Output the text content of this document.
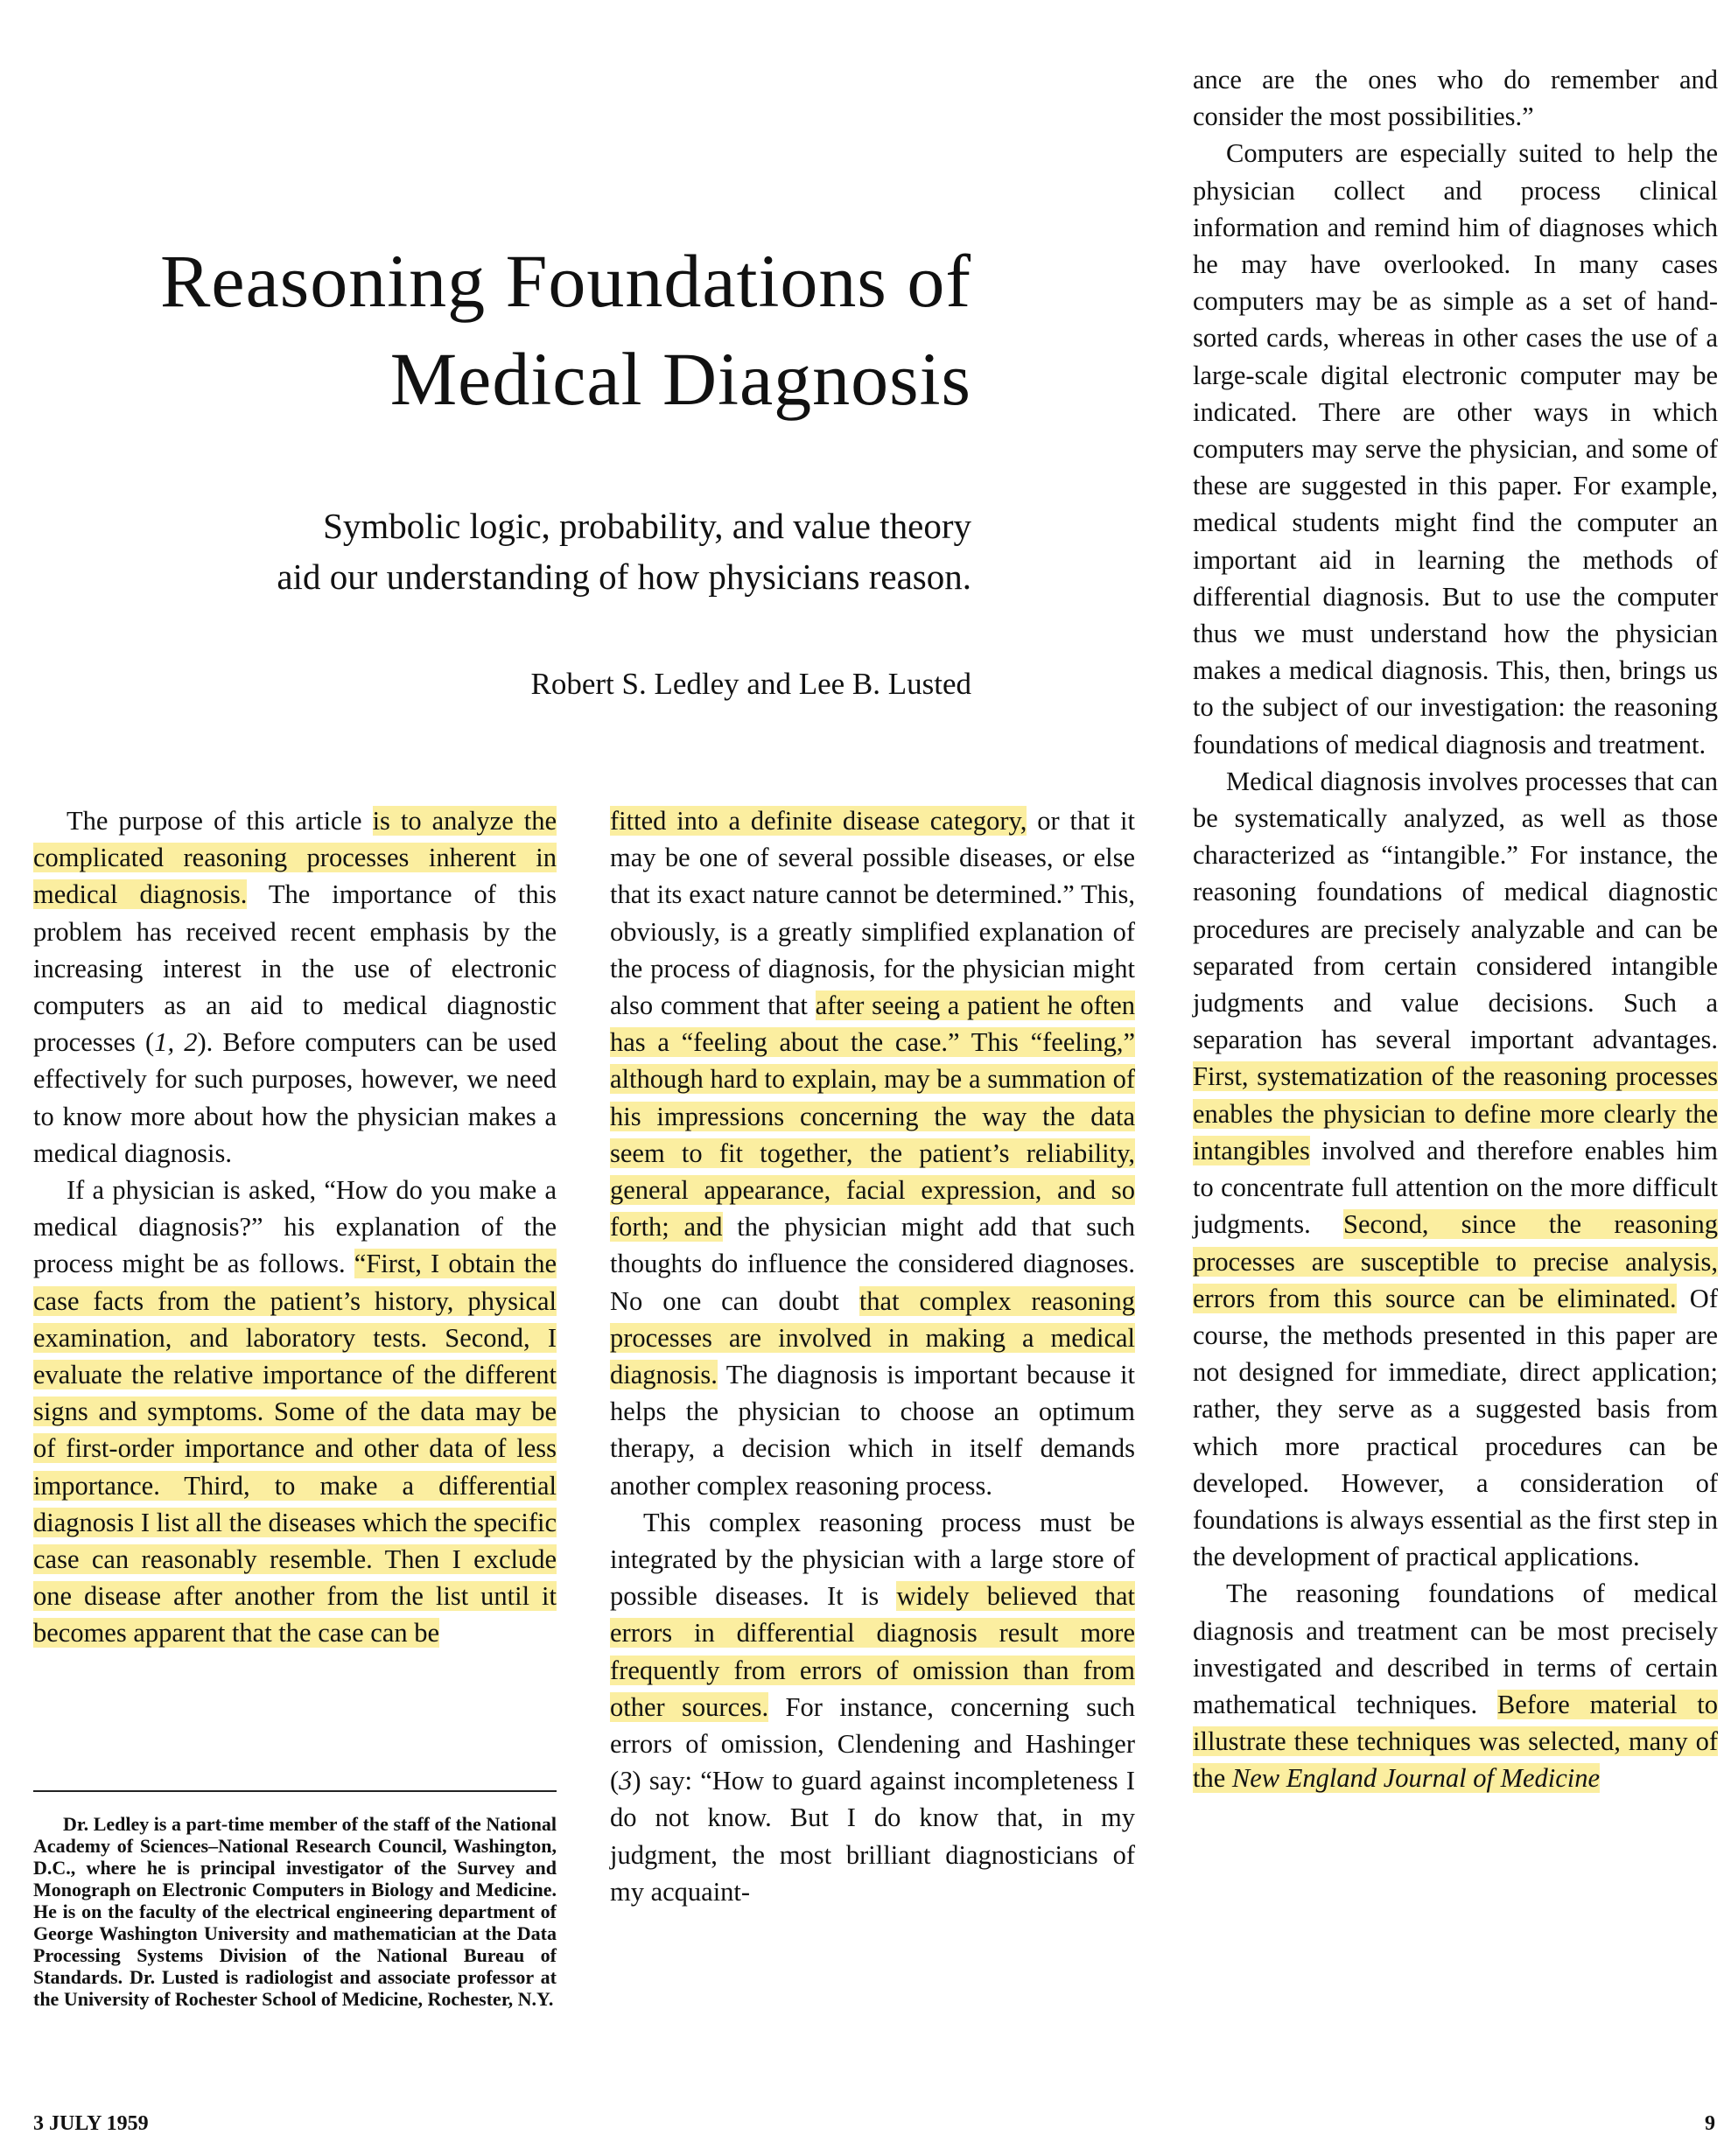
Reasoning Foundations of
Medical Diagnosis
Symbolic logic, probability, and value theory
aid our understanding of how physicians reason.
Robert S. Ledley and Lee B. Lusted

The purpose of this article is to analyze the complicated reasoning processes inherent in medical diagnosis. The importance of this problem has received recent emphasis by the increasing interest in the use of electronic computers as an aid to medical diagnostic processes (1, 2). Before computers can be used effectively for such purposes, however, we need to know more about how the physician makes a medical diagnosis.

If a physician is asked, “How do you make a medical diagnosis?” his explanation of the process might be as follows. “First, I obtain the case facts from the patient’s history, physical examination, and laboratory tests. Second, I evaluate the relative importance of the different signs and symptoms. Some of the data may be of first-order importance and other data of less importance. Third, to make a differential diagnosis I list all the diseases which the specific case can reasonably resemble. Then I exclude one disease after another from the list until it becomes apparent that the case can be

Dr. Ledley is a part-time member of the staff of the National Academy of Sciences–National Research Council, Washington, D.C., where he is principal investigator of the Survey and Monograph on Electronic Computers in Biology and Medicine. He is on the faculty of the electrical engineering department of George Washington University and mathematician at the Data Processing Systems Division of the National Bureau of Standards. Dr. Lusted is radiologist and associate professor at the University of Rochester School of Medicine, Rochester, N.Y.

fitted into a definite disease category, or that it may be one of several possible diseases, or else that its exact nature cannot be determined.” This, obviously, is a greatly simplified explanation of the process of diagnosis, for the physician might also comment that after seeing a patient he often has a “feeling about the case.” This “feeling,” although hard to explain, may be a summation of his impressions concerning the way the data seem to fit together, the patient’s reliability, general appearance, facial expression, and so forth; and the physician might add that such thoughts do influence the considered diagnoses. No one can doubt that complex reasoning processes are involved in making a medical diagnosis. The diagnosis is important because it helps the physician to choose an optimum therapy, a decision which in itself demands another complex reasoning process.

This complex reasoning process must be integrated by the physician with a large store of possible diseases. It is widely believed that errors in differential diagnosis result more frequently from errors of omission than from other sources. For instance, concerning such errors of omission, Clendening and Hashinger (3) say: “How to guard against incompleteness I do not know. But I do know that, in my judgment, the most brilliant diagnosticians of my acquaint-

ance are the ones who do remember and consider the most possibilities.”

Computers are especially suited to help the physician collect and process clinical information and remind him of diagnoses which he may have overlooked. In many cases computers may be as simple as a set of hand-sorted cards, whereas in other cases the use of a large-scale digital electronic computer may be indicated. There are other ways in which computers may serve the physician, and some of these are suggested in this paper. For example, medical students might find the computer an important aid in learning the methods of differential diagnosis. But to use the computer thus we must understand how the physician makes a medical diagnosis. This, then, brings us to the subject of our investigation: the reasoning foundations of medical diagnosis and treatment.

Medical diagnosis involves processes that can be systematically analyzed, as well as those characterized as “intangible.” For instance, the reasoning foundations of medical diagnostic procedures are precisely analyzable and can be separated from certain considered intangible judgments and value decisions. Such a separation has several important advantages. First, systematization of the reasoning processes enables the physician to define more clearly the intangibles involved and therefore enables him to concentrate full attention on the more difficult judgments. Second, since the reasoning processes are susceptible to precise analysis, errors from this source can be eliminated. Of course, the methods presented in this paper are not designed for immediate, direct application; rather, they serve as a suggested basis from which more practical procedures can be developed. However, a consideration of foundations is always essential as the first step in the development of practical applications.

The reasoning foundations of medical diagnosis and treatment can be most precisely investigated and described in terms of certain mathematical techniques. Before material to illustrate these techniques was selected, many of the New England Journal of Medicine

3 JULY 1959	9
